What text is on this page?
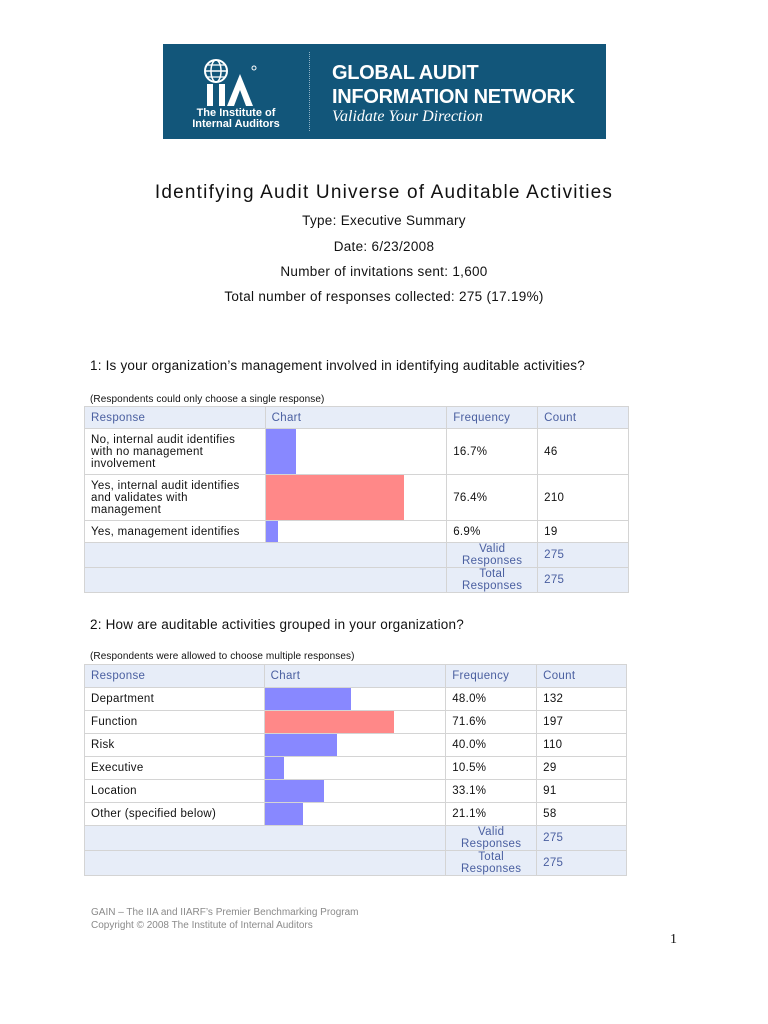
The Institute of
Internal Auditors
GLOBAL AUDIT
INFORMATION NETWORK
Validate Your Direction
Identifying Audit Universe of Auditable Activities
Type: Executive Summary
Date: 6/23/2008
Number of invitations sent: 1,600
Total number of responses collected: 275 (17.19%)
1: Is your organization’s management involved in identifying auditable activities?
(Respondents could only choose a single response)
Response	Chart	Frequency	Count
No, internal audit identifies with no management involvement		16.7%	46
Yes, internal audit identifies and validates with management		76.4%	210
Yes, management identifies		6.9%	19
		Valid Responses	275
		Total Responses	275
2: How are auditable activities grouped in your organization?
(Respondents were allowed to choose multiple responses)
Response	Chart	Frequency	Count
Department		48.0%	132
Function		71.6%	197
Risk		40.0%	110
Executive		10.5%	29
Location		33.1%	91
Other (specified below)		21.1%	58
		Valid Responses	275
		Total Responses	275
GAIN – The IIA and IIARF’s Premier Benchmarking Program
Copyright © 2008 The Institute of Internal Auditors
1
